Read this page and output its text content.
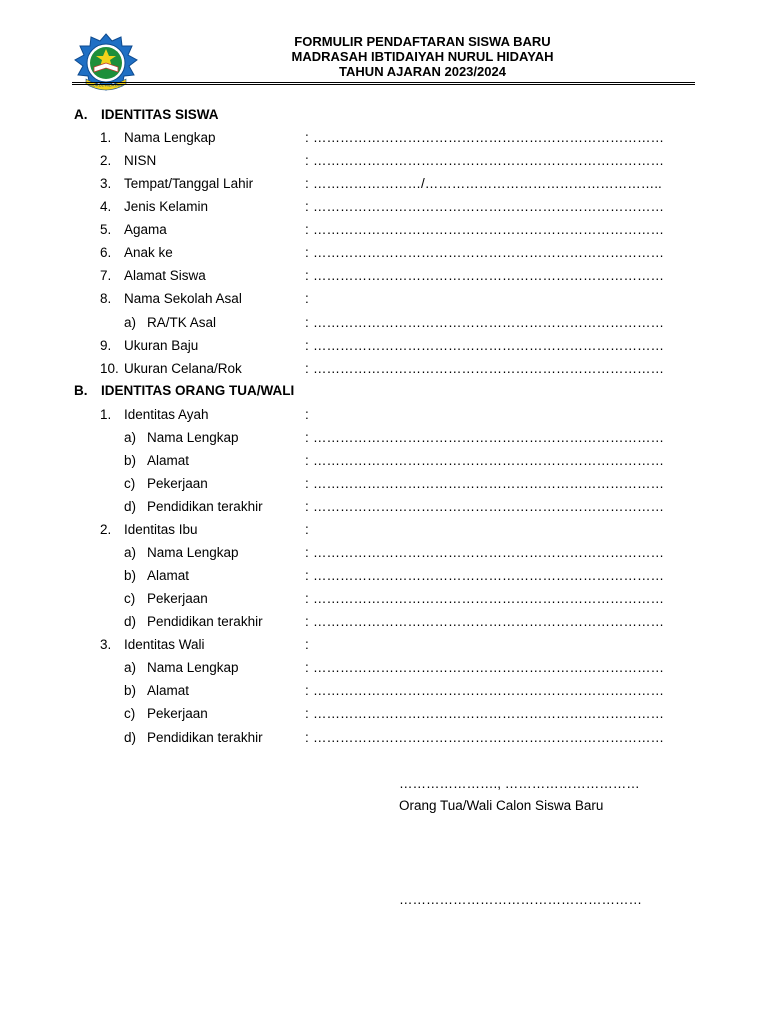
NURUL HIDAYAH
FORMULIR PENDAFTARAN SISWA BARU
MADRASAH IBTIDAIYAH NURUL HIDAYAH
TAHUN AJARAN 2023/2024
A. IDENTITAS SISWA
1. Nama Lengkap	: ……………………………………………………………………
2. NISN	: ……………………………………………………………………
3. Tempat/Tanggal Lahir	: ……………………/……………………………………………..
4. Jenis Kelamin	: ……………………………………………………………………
5. Agama	: ……………………………………………………………………
6. Anak ke	: ……………………………………………………………………
7. Alamat Siswa	: ……………………………………………………………………
8. Nama Sekolah Asal	:
a) RA/TK Asal	: ……………………………………………………………………
9. Ukuran Baju	: ……………………………………………………………………
10. Ukuran Celana/Rok	: ……………………………………………………………………
B. IDENTITAS ORANG TUA/WALI
1. Identitas Ayah	:
a) Nama Lengkap	: ……………………………………………………………………
b) Alamat	: ……………………………………………………………………
c) Pekerjaan	: ……………………………………………………………………
d) Pendidikan terakhir	: ……………………………………………………………………
2. Identitas Ibu	:
a) Nama Lengkap	: ……………………………………………………………………
b) Alamat	: ……………………………………………………………………
c) Pekerjaan	: ……………………………………………………………………
d) Pendidikan terakhir	: ……………………………………………………………………
3. Identitas Wali	:
a) Nama Lengkap	: ……………………………………………………………………
b) Alamat	: ……………………………………………………………………
c) Pekerjaan	: ……………………………………………………………………
d) Pendidikan terakhir	: ……………………………………………………………………
…………………., …………………………
Orang Tua/Wali Calon Siswa Baru
………………………………………………
